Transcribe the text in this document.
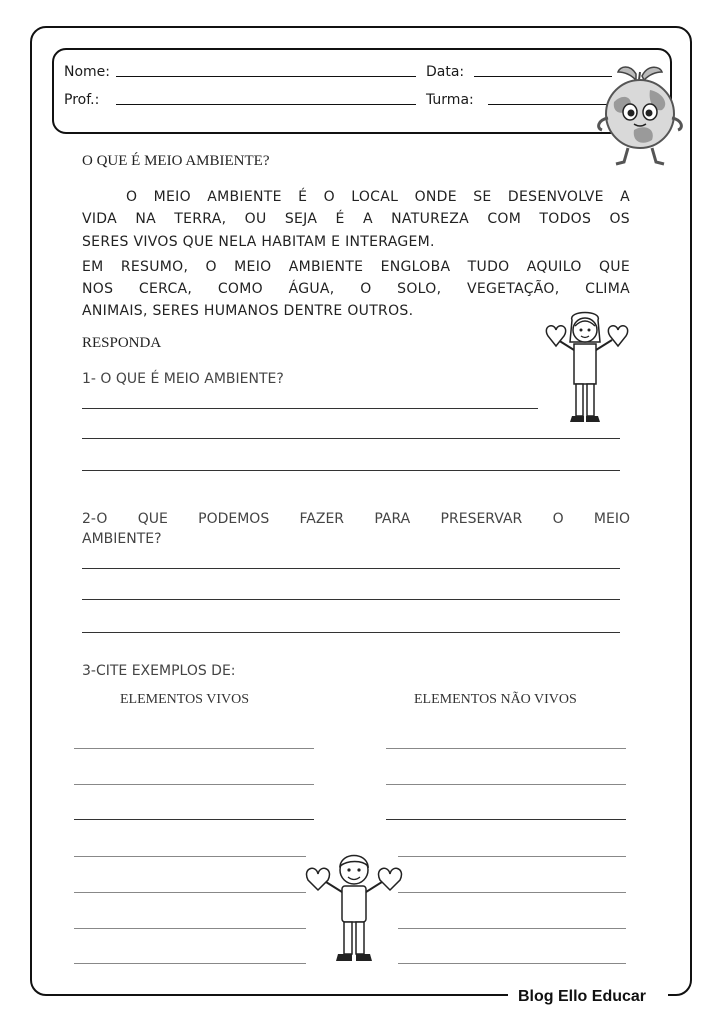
Blog Ello Educar
Nome:
Prof.:
Data:
Turma:
O QUE É MEIO AMBIENTE?
O MEIO AMBIENTE É O LOCAL ONDE SE DESENVOLVE A
VIDA NA TERRA, OU SEJA É A NATUREZA COM TODOS OS
SERES VIVOS QUE NELA HABITAM E INTERAGEM.
EM RESUMO, O MEIO AMBIENTE ENGLOBA TUDO AQUILO QUE
NOS CERCA, COMO ÁGUA, O SOLO, VEGETAÇÃO, CLIMA
ANIMAIS, SERES HUMANOS DENTRE OUTROS.
RESPONDA
1- O QUE É MEIO AMBIENTE?
2-O QUE PODEMOS FAZER PARA PRESERVAR O MEIO
AMBIENTE?
3-CITE EXEMPLOS DE:
ELEMENTOS VIVOS	ELEMENTOS NÃO VIVOS
